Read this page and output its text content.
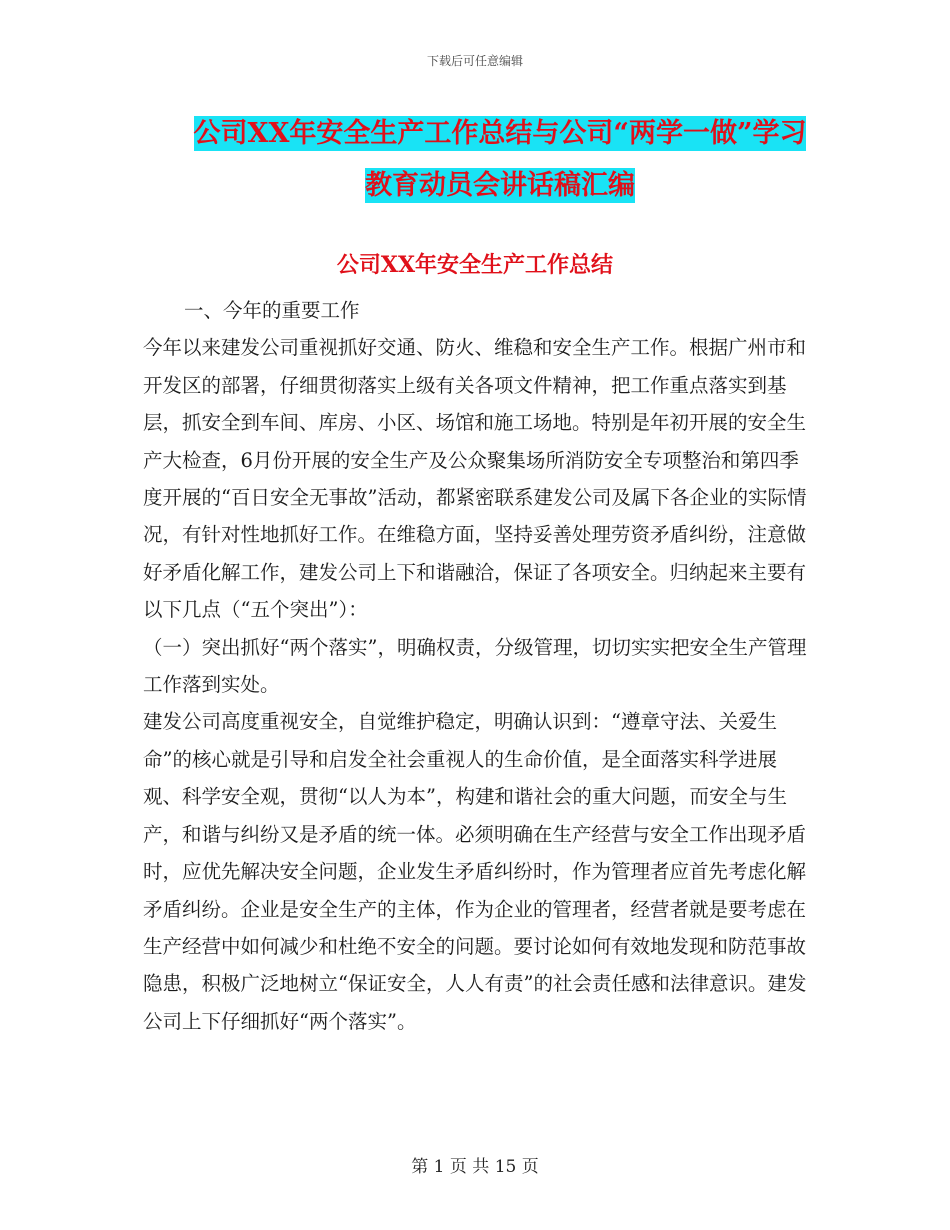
下载后可任意编辑
公司XX年安全生产工作总结与公司“两学一做”学习
教育动员会讲话稿汇编
公司XX年安全生产工作总结

一、今年的重要工作

今年以来建发公司重视抓好交通、防火、维稳和安全生产工作。根据广州市和开发区的部署，仔细贯彻落实上级有关各项文件精神，把工作重点落实到基层，抓安全到车间、库房、小区、场馆和施工场地。特别是年初开展的安全生产大检查，6月份开展的安全生产及公众聚集场所消防安全专项整治和第四季度开展的“百日安全无事故”活动，都紧密联系建发公司及属下各企业的实际情况，有针对性地抓好工作。在维稳方面，坚持妥善处理劳资矛盾纠纷，注意做好矛盾化解工作，建发公司上下和谐融洽，保证了各项安全。归纳起来主要有以下几点（“五个突出”）：

（一）突出抓好“两个落实”，明确权责，分级管理，切切实实把安全生产管理工作落到实处。

建发公司高度重视安全，自觉维护稳定，明确认识到：“遵章守法、关爱生命”的核心就是引导和启发全社会重视人的生命价值，是全面落实科学进展观、科学安全观，贯彻“以人为本”，构建和谐社会的重大问题，而安全与生产，和谐与纠纷又是矛盾的统一体。必须明确在生产经营与安全工作出现矛盾时，应优先解决安全问题，企业发生矛盾纠纷时，作为管理者应首先考虑化解矛盾纠纷。企业是安全生产的主体，作为企业的管理者，经营者就是要考虑在生产经营中如何减少和杜绝不安全的问题。要讨论如何有效地发现和防范事故隐患，积极广泛地树立“保证安全，人人有责”的社会责任感和法律意识。建发公司上下仔细抓好“两个落实”。

第 1 页 共 15 页
